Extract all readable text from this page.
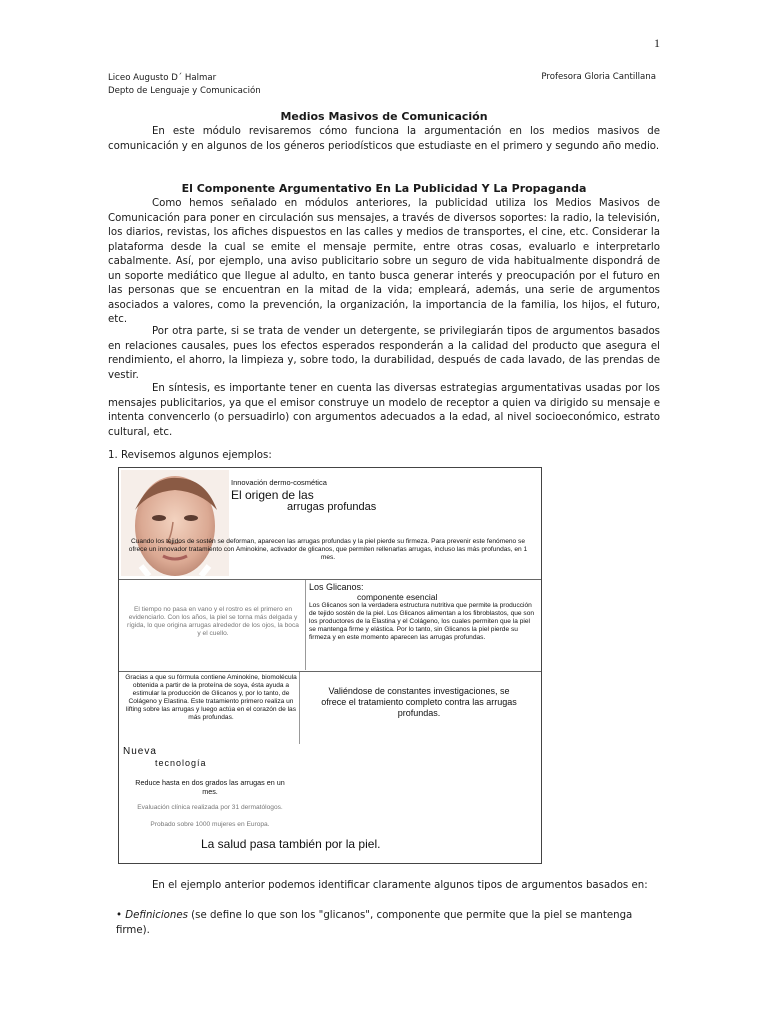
1
Liceo Augusto D´ Halmar
Depto de Lenguaje y Comunicación
Profesora Gloria Cantillana
Medios Masivos de Comunicación
En este módulo revisaremos cómo funciona la argumentación en los medios masivos de comunicación y en algunos de los géneros periodísticos que estudiaste en el primero y segundo año medio.
El Componente Argumentativo En La Publicidad Y La Propaganda
Como hemos señalado en módulos anteriores, la publicidad utiliza los Medios Masivos de Comunicación para poner en circulación sus mensajes, a través de diversos soportes: la radio, la televisión, los diarios, revistas, los afiches dispuestos en las calles y medios de transportes, el cine, etc. Considerar la plataforma desde la cual se emite el mensaje permite, entre otras cosas, evaluarlo e interpretarlo cabalmente. Así, por ejemplo, una aviso publicitario sobre un seguro de vida habitualmente dispondrá de un soporte mediático que llegue al adulto, en tanto busca generar interés y preocupación por el futuro en las personas que se encuentran en la mitad de la vida; empleará, además, una serie de argumentos asociados a valores, como la prevención, la organización, la importancia de la familia, los hijos, el futuro, etc.
Por otra parte, si se trata de vender un detergente, se privilegiarán tipos de argumentos basados en relaciones causales, pues los efectos esperados responderán a la calidad del producto que asegura el rendimiento, el ahorro, la limpieza y, sobre todo, la durabilidad, después de cada lavado, de las prendas de vestir.
En síntesis, es importante tener en cuenta las diversas estrategias argumentativas usadas por los mensajes publicitarios, ya que el emisor construye un modelo de receptor a quien va dirigido su mensaje e intenta convencerlo (o persuadirlo) con argumentos adecuados a la edad, al nivel socioeconómico, estrato cultural, etc.
1. Revisemos algunos ejemplos:
Innovación dermo-cosmética
El origen de las
arrugas profundas
Cuando los tejidos de sostén se deforman, aparecen las arrugas profundas y la piel pierde su firmeza. Para prevenir este fenómeno se ofrece un innovador tratamiento con Aminokine, activador de glicanos, que permiten rellenarlas arrugas, incluso las más profundas, en 1 mes.
El tiempo no pasa en vano y el rostro es el primero en evidenciarlo. Con los años, la piel se torna más delgada y rígida, lo que origina arrugas alrededor de los ojos, la boca y el cuello.
Los Glicanos:
componente esencial
Los Glicanos son la verdadera estructura nutritiva que permite la producción de tejido sostén de la piel. Los Glicanos alimentan a los fibroblastos, que son los productores de la Elastina y el Colágeno, los cuales permiten que la piel se mantenga firme y elástica. Por lo tanto, sin Glicanos la piel pierde su firmeza y en este momento aparecen las arrugas profundas.
Gracias a que su fórmula contiene Aminokine, biomolécula obtenida a partir de la proteína de soya, ésta ayuda a estimular la producción de Glicanos y, por lo tanto, de Colágeno y Elastina. Este tratamiento primero realiza un lifting sobre las arrugas y luego actúa en el corazón de las más profundas.
Valiéndose de constantes investigaciones, se ofrece el tratamiento completo contra las arrugas profundas.
Nueva
tecnología
Reduce hasta en dos grados las arrugas en un mes.
Evaluación clínica realizada por 31 dermatólogos.
Probado sobre 1000 mujeres en Europa.
La salud pasa también por la piel.
En el ejemplo anterior podemos identificar claramente algunos tipos de argumentos basados en:
• Definiciones (se define lo que son los "glicanos", componente que permite que la piel se mantenga firme).
